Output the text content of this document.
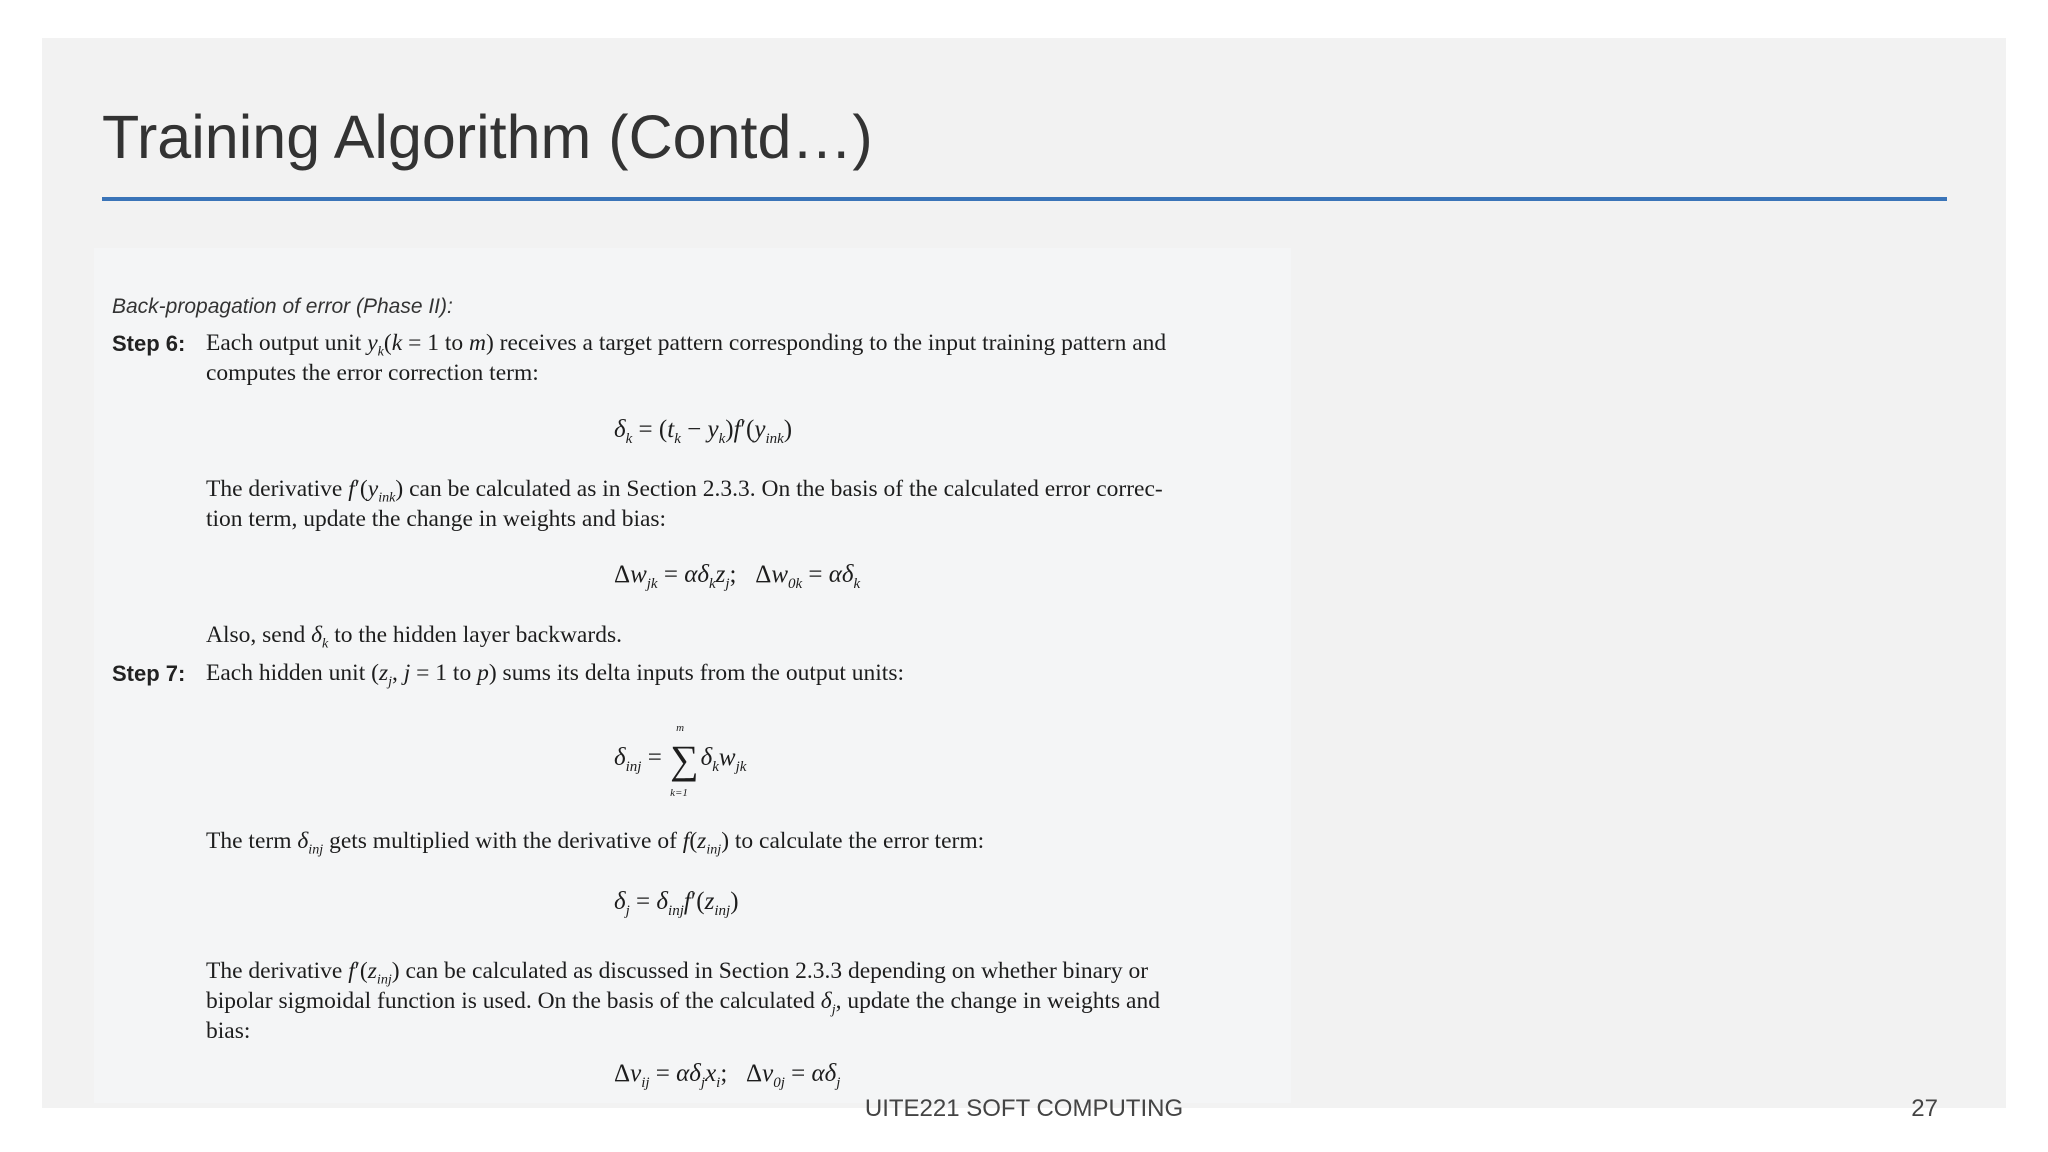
Training Algorithm (Contd…)
Back-propagation of error (Phase II):
Step 6: Each output unit $y_k(k = 1$ to m) receives a target pattern corresponding to the input training pattern and
computes the error correction term:
$\delta_k = (t_k - y_k)f'(y_{ink})$
The derivative $f'(y_{ink})$ can be calculated as in Section 2.3.3. On the basis of the calculated error correc-
tion term, update the change in weights and bias:
$\Delta w_{jk} = \alpha\delta_kz_j$;   $\Delta w_{0k} = \alpha\delta_k$
Also, send $\delta_k$ to the hidden layer backwards.
Step 7: Each hidden unit ($z_j$, j = 1 to p) sums its delta inputs from the output units:
$\delta_{inj}$ = ∑
m
k=1
$\delta_kw_{jk}$
The term $\delta_{inj}$ gets multiplied with the derivative of $f(z_{inj})$ to calculate the error term:
$\delta_j = \delta_{inj}f'(z_{inj})$
The derivative $f'(z_{inj})$ can be calculated as discussed in Section 2.3.3 depending on whether binary or
bipolar sigmoidal function is used. On the basis of the calculated $\delta_j$, update the change in weights and
bias:
$\Delta v_{ij} = \alpha\delta_jx_i$;   $\Delta v_{0j} = \alpha\delta_j$
UITE221 SOFT COMPUTING	27
